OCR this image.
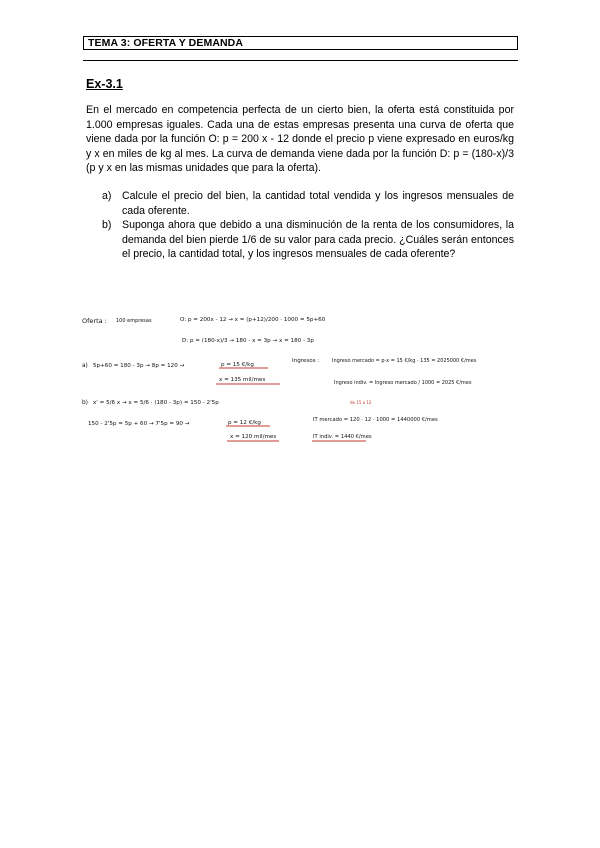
TEMA 3: OFERTA Y DEMANDA
Ex-3.1

En el mercado en competencia perfecta de un cierto bien, la oferta está constituida por 1.000 empresas iguales. Cada una de estas empresas presenta una curva de oferta que viene dada por la función O: p = 200 x - 12 donde el precio p viene expresado en euros/kg y x en miles de kg al mes. La curva de demanda viene dada por la función D: p = (180-x)/3 (p y x en las mismas unidades que para la oferta).

a) Calcule el precio del bien, la cantidad total vendida y los ingresos mensuales de cada oferente.
b) Suponga ahora que debido a una disminución de la renta de los consumidores, la demanda del bien pierde 1/6 de su valor para cada precio. ¿Cuáles serán entonces el precio, la cantidad total, y los ingresos mensuales de cada oferente?
Oferta : 100 empresas	O: p = 200x - 12 → x = (p+12)/200 · 1000 = 5p+60
D: p = (180-x)/3 → 180 - x = 3p → x = 180 - 3p
a) 5p+60 = 180 - 3p → 8p = 120 →	p = 15 €/kg
x = 135 mil/mes
Ingresos :	Ingreso mercado = p·x = 15 €/kg · 135 = 2025000 €/mes
Ingreso indiv. = Ingreso mercado / 1000 = 2025 €/mes
b) x' = 5/6 x → x = 5/6 · (180 - 3p) = 150 - 2'5p
150 - 2'5p = 5p + 60 → 7'5p = 90 →	p = 12 €/kg
x = 120 mil/mes
de 15 a 12
IT mercado = 120 · 12 · 1000 = 1440000 €/mes
IT indiv. = 1440 €/mes
